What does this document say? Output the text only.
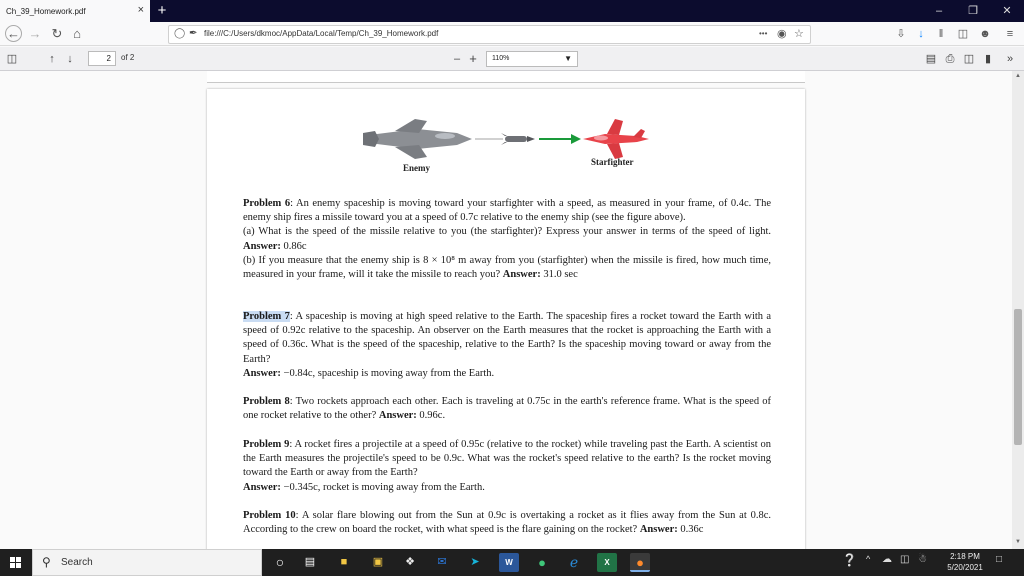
Ch_39_Homework.pdf	× +	–	❐	✕
← → ↻ ⌂	◯ ✒ file:///C:/Users/dkmoc/AppData/Local/Temp/Ch_39_Homework.pdf	••• ◉ ☆	⇩	↓	‖	◫	☻	≡
◫	↑	↓	2	of 2	– +	110%	▼	▤ ⎙ ◫ ▮	»
Enemy
Starfighter

Problem 6: An enemy spaceship is moving toward your starfighter with a speed, as measured in your frame, of 0.4c. The enemy ship fires a missile toward you at a speed of 0.7c relative to the enemy ship (see the figure above).

(a) What is the speed of the missile relative to you (the starfighter)? Express your answer in terms of the speed of light. Answer: 0.86c

(b) If you measure that the enemy ship is 8 × 10⁸ m away from you (starfighter) when the missile is fired, how much time, measured in your frame, will it take the missile to reach you? Answer: 31.0 sec

Problem 7: A spaceship is moving at high speed relative to the Earth. The spaceship fires a rocket toward the Earth with a speed of 0.92c relative to the spaceship. An observer on the Earth measures that the rocket is approaching the Earth with a speed of 0.36c. What is the speed of the spaceship, relative to the Earth? Is the spaceship moving toward or away from the Earth?

Answer: −0.84c, spaceship is moving away from the Earth.

Problem 8: Two rockets approach each other. Each is traveling at 0.75c in the earth's reference frame. What is the speed of one rocket relative to the other? Answer: 0.96c.

Problem 9: A rocket fires a projectile at a speed of 0.95c (relative to the rocket) while traveling past the Earth. A scientist on the Earth measures the projectile's speed to be 0.9c. What was the rocket's speed relative to the earth? Is the rocket moving toward the Earth or away from the Earth?

Answer: −0.345c, rocket is moving away from the Earth.

Problem 10: A solar flare blowing out from the Sun at 0.9c is overtaking a rocket as it flies away from the Sun at 0.8c. According to the crew on board the rocket, with what speed is the flare gaining on the rocket? Answer: 0.36c

▲
▼
⚲ Search	○	▤	■	▣	❖	✉	➤	W	●	ℯ	X	●	❔ ^ ☁ ◫ ☃	2:18 PM
5/20/2021
□
